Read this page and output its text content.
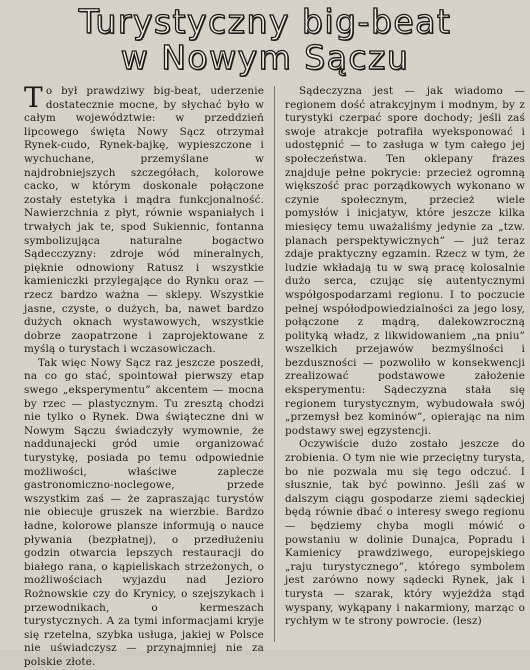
Turystyczny big-beat
w Nowym Sączu

To był prawdziwy big-beat, uderzenie dostatecznie mocne, by słychać było w całym województwie: w przeddzień lipcowego święta Nowy Sącz otrzymał Rynek-cudo, Rynek-bajkę, wypieszczone i wychuchane, przemyślane w najdrobniejszych szczegółach, kolorowe cacko, w którym doskonale połączone zostały estetyka i mądra funkcjonalność. Nawierzchnia z płyt, równie wspaniałych i trwałych jak te, spod Sukiennic, fontanna symbolizująca naturalne bogactwo Sądecczyzny: zdroje wód mineralnych, pięknie odnowiony Ratusz i wszystkie kamieniczki przylegające do Rynku oraz — rzecz bardzo ważna — sklepy. Wszystkie jasne, czyste, o dużych, ba, nawet bardzo dużych oknach wystawowych, wszystkie dobrze zaopatrzone i zaprojektowane z myślą o turystach i wczasowiczach.

Tak więc Nowy Sącz raz jeszcze poszedł, na co go stać, spointował pierwszy etap swego „eksperymentu” akcentem — mocna by rzec — plastycznym. Tu zresztą chodzi nie tylko o Rynek. Dwa świąteczne dni w Nowym Sączu świadczyły wymownie, że naddunajecki gród umie organizować turystykę, posiada po temu odpowiednie możliwości, właściwe zaplecze gastronomiczno-noclegowe, przede wszystkim zaś — że zapraszając turystów nie obiecuje gruszek na wierzbie. Bardzo ładne, kolorowe plansze informują o nauce pływania (bezpłatnej), o przedłużeniu godzin otwarcia lepszych restauracji do białego rana, o kąpieliskach strzeżonych, o możliwościach wyjazdu nad Jezioro Rożnowskie czy do Krynicy, o szejszykach i przewodnikach, o kermeszach turystycznych. A za tymi informacjami kryje się rzetelna, szybka usługa, jakiej w Polsce nie uświadczysz — przynajmniej nie za polskie złote.

Sądeczyzna jest — jak wiadomo — regionem dość atrakcyjnym i modnym, by z turystyki czerpać spore dochody; jeśli zaś swoje atrakcje potrafiła wyeksponować i udostępnić — to zasługa w tym całego jej społeczeństwa. Ten oklepany frazes znajduje pełne pokrycie: przecież ogromną większość prac porządkowych wykonano w czynie społecznym, przecież wiele pomysłów i inicjatyw, które jeszcze kilka miesięcy temu uważaliśmy jedynie za „tzw. planach perspektywicznych” — już teraz zdaje praktyczny egzamin. Rzecz w tym, że ludzie wkładają tu w swą pracę kolosalnie dużo serca, czując się autentycznymi współgospodarzami regionu. I to poczucie pełnej współodpowiedzialności za jego losy, połączone z mądrą, dalekowzroczną polityką władz, z likwidowaniem „na pniu” wszelkich przejawów bezmyślności i bezduszności — pozwoliło w konsekwencji zrealizować podstawowe założenie eksperymentu: Sądeczyzna stała się regionem turystycznym, wybudowała swój „przemysł bez kominów”, opierając na nim podstawy swej egzystencji.

Oczywiście dużo zostało jeszcze do zrobienia. O tym nie wie przeciętny turysta, bo nie pozwala mu się tego odczuć. I słusznie, tak być powinno. Jeśli zaś w dalszym ciągu gospodarze ziemi sądeckiej będą równie dbać o interesy swego regionu — będziemy chyba mogli mówić o powstaniu w dolinie Dunajca, Popradu i Kamienicy prawdziwego, europejskiego „raju turystycznego”, którego symbolem jest zarówno nowy sądecki Rynek, jak i turysta — szarak, który wyjeżdża stąd wyspany, wykąpany i nakarmiony, marząc o rychłym w te strony powrocie. (lesz)
